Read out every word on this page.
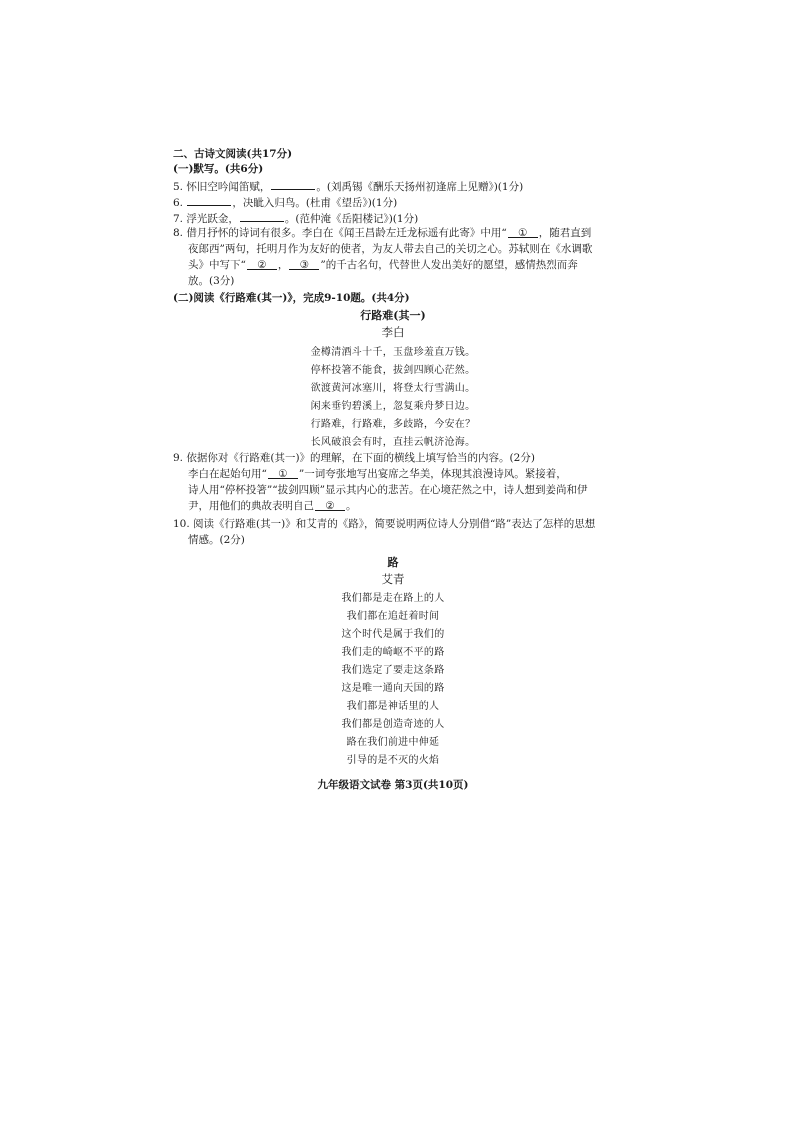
二、古诗文阅读(共17分)
(一)默写。(共6分)
5. 怀旧空吟闻笛赋，	。(刘禹锡《酬乐天扬州初逢席上见赠》)(1分)
6.	，决眦入归鸟。(杜甫《望岳》)(1分)
7. 浮光跃金，	。(范仲淹《岳阳楼记》)(1分)
8. 借月抒怀的诗词有很多。李白在《闻王昌龄左迁龙标遥有此寄》中用“ ① ，随君直到
夜郎西”两句，托明月作为友好的使者，为友人带去自己的关切之心。苏轼则在《水调歌
头》中写下“ ② ， ③ ”的千古名句，代替世人发出美好的愿望，感情热烈而奔
放。(3分)
(二)阅读《行路难(其一)》，完成9-10题。(共4分)
行路难(其一)
李白
金樽清酒斗十千，玉盘珍羞直万钱。
停杯投箸不能食，拔剑四顾心茫然。
欲渡黄河冰塞川，将登太行雪满山。
闲来垂钓碧溪上，忽复乘舟梦日边。
行路难，行路难，多歧路，今安在？
长风破浪会有时，直挂云帆济沧海。
9. 依据你对《行路难(其一)》的理解，在下面的横线上填写恰当的内容。(2分)
李白在起始句用“ ① ”一词夸张地写出宴席之华美，体现其浪漫诗风。紧接着，
诗人用“停杯投箸”“拔剑四顾”显示其内心的悲苦。在心境茫然之中，诗人想到姜尚和伊
尹，用他们的典故表明自己 ② 。
10. 阅读《行路难(其一)》和艾青的《路》，简要说明两位诗人分别借“路”表达了怎样的思想
情感。(2分)
路
艾青
我们都是走在路上的人
我们都在追赶着时间
这个时代是属于我们的
我们走的崎岖不平的路
我们选定了要走这条路
这是唯一通向天国的路
我们都是神话里的人
我们都是创造奇迹的人
路在我们前进中伸延
引导的是不灭的火焰
九年级语文试卷 第3页(共10页)
